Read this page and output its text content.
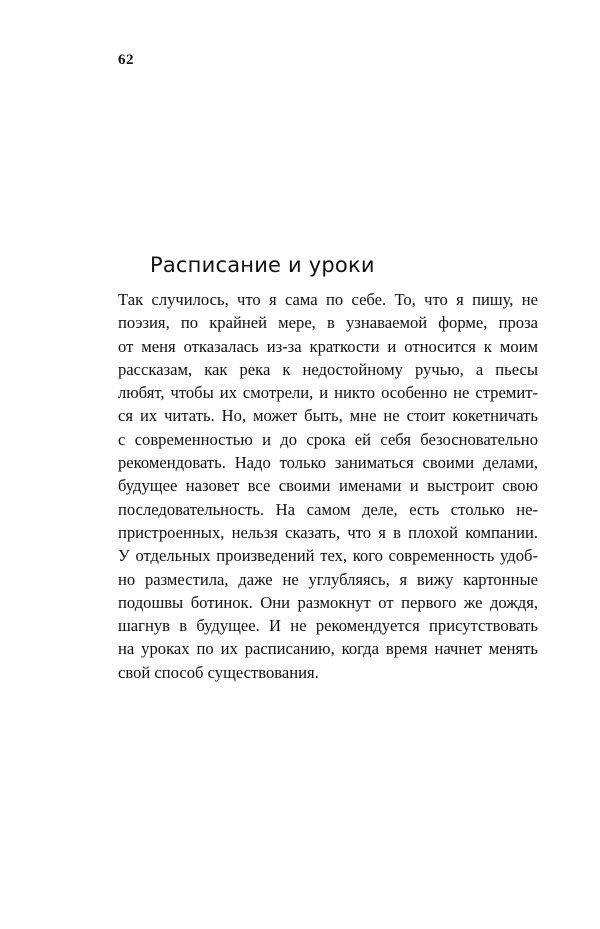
62
Расписание и уроки
Так случилось, что я сама по себе. То, что я пишу, не
поэзия, по крайней мере, в узнаваемой форме, проза
от меня отказалась из-за краткости и относится к моим
рассказам, как река к недостойному ручью, а пьесы
любят, чтобы их смотрели, и никто особенно не стремит-
ся их читать. Но, может быть, мне не стоит кокетничать
с современностью и до срока ей себя безосновательно
рекомендовать. Надо только заниматься своими делами,
будущее назовет все своими именами и выстроит свою
последовательность. На самом деле, есть столько не-
пристроенных, нельзя сказать, что я в плохой компании.
У отдельных произведений тех, кого современность удоб-
но разместила, даже не углубляясь, я вижу картонные
подошвы ботинок. Они размокнут от первого же дождя,
шагнув в будущее. И не рекомендуется присутствовать
на уроках по их расписанию, когда время начнет менять
свой способ существования.
